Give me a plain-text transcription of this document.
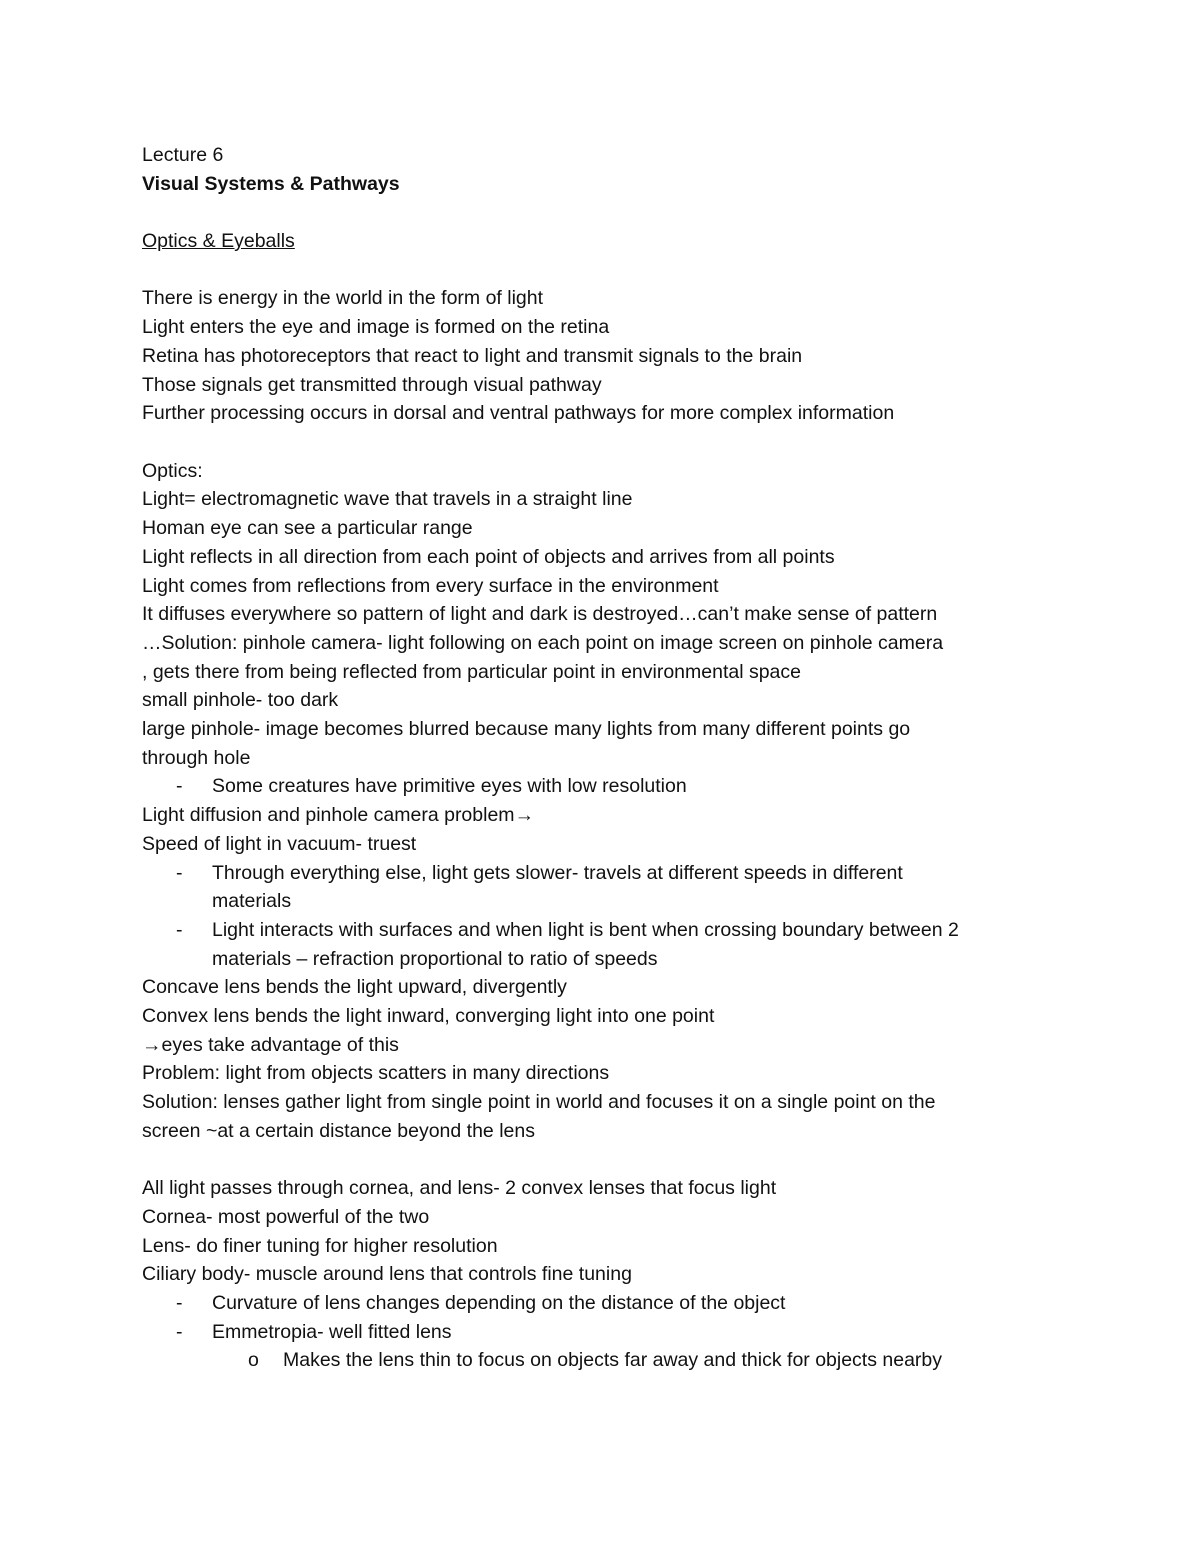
Lecture 6
Visual Systems & Pathways
Optics & Eyeballs
There is energy in the world in the form of light
Light enters the eye and image is formed on the retina
Retina has photoreceptors that react to light and transmit signals to the brain
Those signals get transmitted through visual pathway
Further processing occurs in dorsal and ventral pathways for more complex information
Optics:
Light= electromagnetic wave that travels in a straight line
Homan eye can see a particular range
Light reflects in all direction from each point of objects and arrives from all points
Light comes from reflections from every surface in the environment
It diffuses everywhere so pattern of light and dark is destroyed…can’t make sense of pattern
…Solution: pinhole camera- light following on each point on image screen on pinhole camera
, gets there from being reflected from particular point in environmental space
small pinhole- too dark
large pinhole- image becomes blurred because many lights from many different points go
through hole
- Some creatures have primitive eyes with low resolution
Light diffusion and pinhole camera problem→
Speed of light in vacuum- truest
- Through everything else, light gets slower- travels at different speeds in different
materials
- Light interacts with surfaces and when light is bent when crossing boundary between 2
materials – refraction proportional to ratio of speeds
Concave lens bends the light upward, divergently
Convex lens bends the light inward, converging light into one point
→eyes take advantage of this
Problem: light from objects scatters in many directions
Solution: lenses gather light from single point in world and focuses it on a single point on the
screen ~at a certain distance beyond the lens
All light passes through cornea, and lens- 2 convex lenses that focus light
Cornea- most powerful of the two
Lens- do finer tuning for higher resolution
Ciliary body- muscle around lens that controls fine tuning
- Curvature of lens changes depending on the distance of the object
- Emmetropia- well fitted lens
o Makes the lens thin to focus on objects far away and thick for objects nearby
